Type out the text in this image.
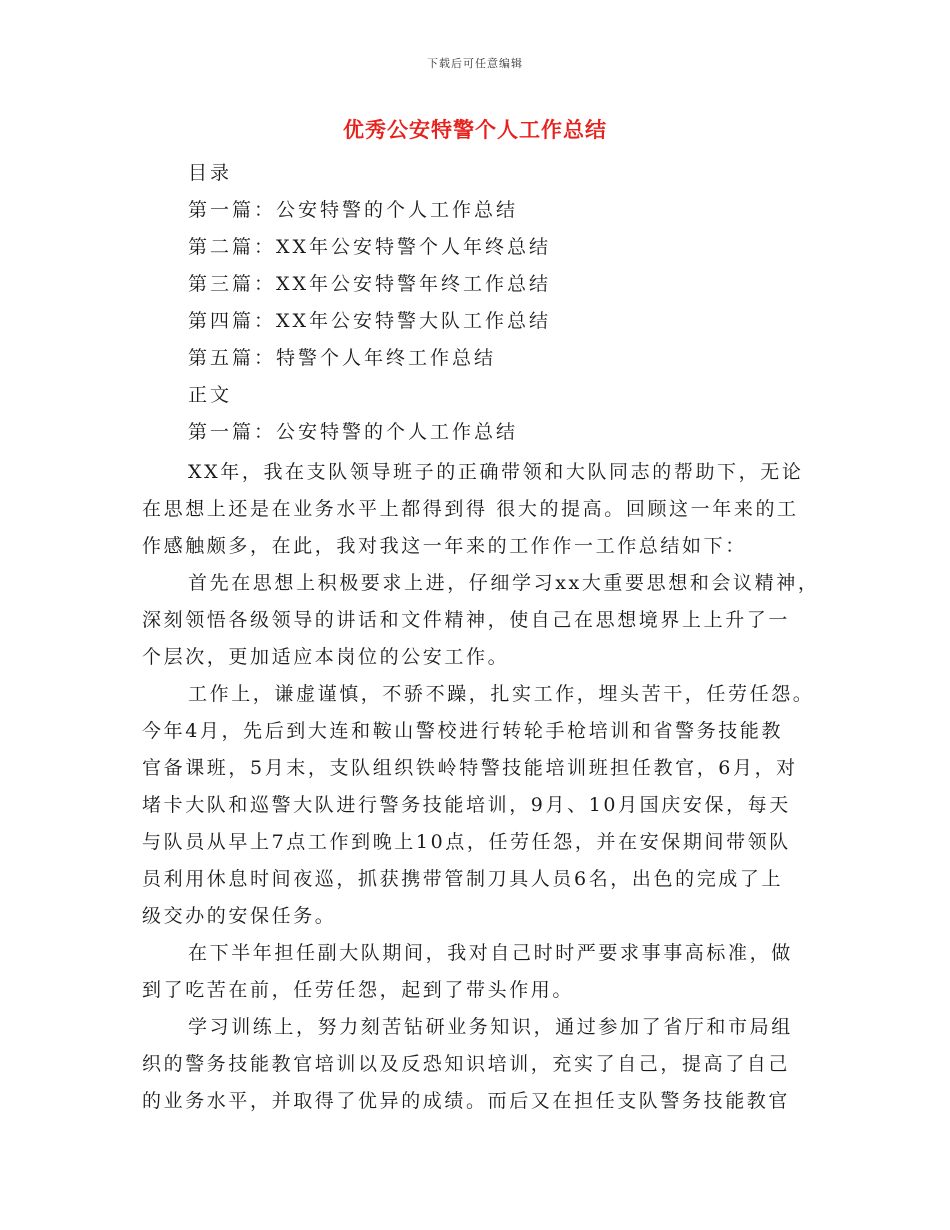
下载后可任意编辑
优秀公安特警个人工作总结
目录
第一篇：公安特警的个人工作总结
第二篇：XX年公安特警个人年终总结
第三篇：XX年公安特警年终工作总结
第四篇：XX年公安特警大队工作总结
第五篇：特警个人年终工作总结
正文
第一篇：公安特警的个人工作总结
XX年，我在支队领导班子的正确带领和大队同志的帮助下，无论
在思想上还是在业务水平上都得到得 很大的提高。回顾这一年来的工
作感触颇多，在此，我对我这一年来的工作作一工作总结如下：
首先在思想上积极要求上进，仔细学习xx大重要思想和会议精神，
深刻领悟各级领导的讲话和文件精神，使自己在思想境界上上升了一
个层次，更加适应本岗位的公安工作。
工作上，谦虚谨慎，不骄不躁，扎实工作，埋头苦干，任劳任怨。
今年4月，先后到大连和鞍山警校进行转轮手枪培训和省警务技能教
官备课班，5月末，支队组织铁岭特警技能培训班担任教官，6月，对
堵卡大队和巡警大队进行警务技能培训，9月、10月国庆安保，每天
与队员从早上7点工作到晚上10点，任劳任怨，并在安保期间带领队
员利用休息时间夜巡，抓获携带管制刀具人员6名，出色的完成了上
级交办的安保任务。
在下半年担任副大队期间，我对自己时时严要求事事高标准，做
到了吃苦在前，任劳任怨，起到了带头作用。
学习训练上，努力刻苦钻研业务知识，通过参加了省厅和市局组
织的警务技能教官培训以及反恐知识培训，充实了自己，提高了自己
的业务水平，并取得了优异的成绩。而后又在担任支队警务技能教官
